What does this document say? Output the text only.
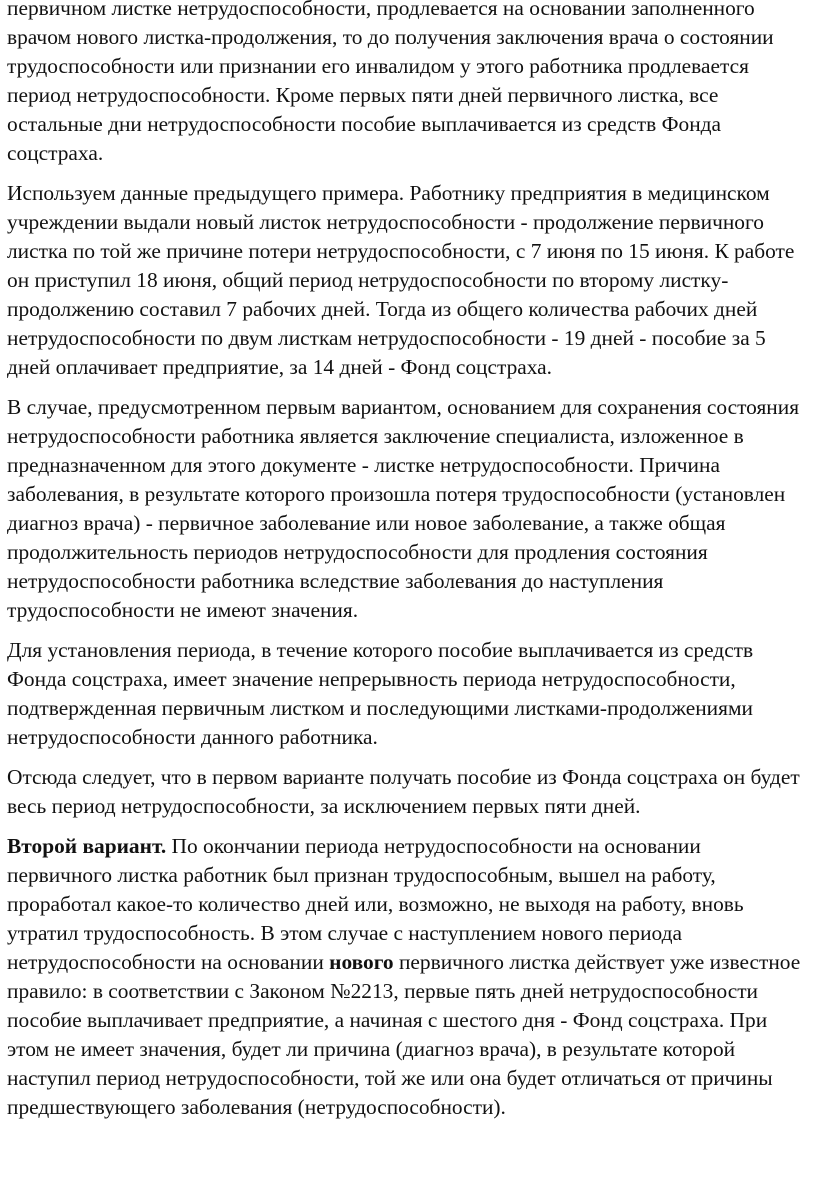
первичном листке нетрудоспособности, продлевается на основании заполненного врачом нового листка-продолжения, то до получения заключения врача о состоянии трудоспособности или признании его инвалидом у этого работника продлевается период нетрудоспособности. Кроме первых пяти дней первичного листка, все остальные дни нетрудоспособности пособие выплачивается из средств Фонда соцстраха.

Используем данные предыдущего примера. Работнику предприятия в медицинском учреждении выдали новый листок нетрудоспособности - продолжение первичного листка по той же причине потери нетрудоспособности, с 7 июня по 15 июня. К работе он приступил 18 июня, общий период нетрудоспособности по второму листку-продолжению составил 7 рабочих дней. Тогда из общего количества рабочих дней нетрудоспособности по двум листкам нетрудоспособности - 19 дней - пособие за 5 дней оплачивает предприятие, за 14 дней - Фонд соцстраха.

В случае, предусмотренном первым вариантом, основанием для сохранения состояния нетрудоспособности работника является заключение специалиста, изложенное в предназначенном для этого документе - листке нетрудоспособности. Причина заболевания, в результате которого произошла потеря трудоспособности (установлен диагноз врача) - первичное заболевание или новое заболевание, а также общая продолжительность периодов нетрудоспособности для продления состояния нетрудоспособности работника вследствие заболевания до наступления трудоспособности не имеют значения.

Для установления периода, в течение которого пособие выплачивается из средств Фонда соцстраха, имеет значение непрерывность периода нетрудоспособности, подтвержденная первичным листком и последующими листками-продолжениями нетрудоспособности данного работника.

Отсюда следует, что в первом варианте получать пособие из Фонда соцстраха он будет весь период нетрудоспособности, за исключением первых пяти дней.

Второй вариант. По окончании периода нетрудоспособности на основании первичного листка работник был признан трудоспособным, вышел на работу, проработал какое-то количество дней или, возможно, не выходя на работу, вновь утратил трудоспособность. В этом случае с наступлением нового периода нетрудоспособности на основании нового первичного листка действует уже известное правило: в соответствии с Законом №2213, первые пять дней нетрудоспособности пособие выплачивает предприятие, а начиная с шестого дня - Фонд соцстраха. При этом не имеет значения, будет ли причина (диагноз врача), в результате которой наступил период нетрудоспособности, той же или она будет отличаться от причины предшествующего заболевания (нетрудоспособности).
